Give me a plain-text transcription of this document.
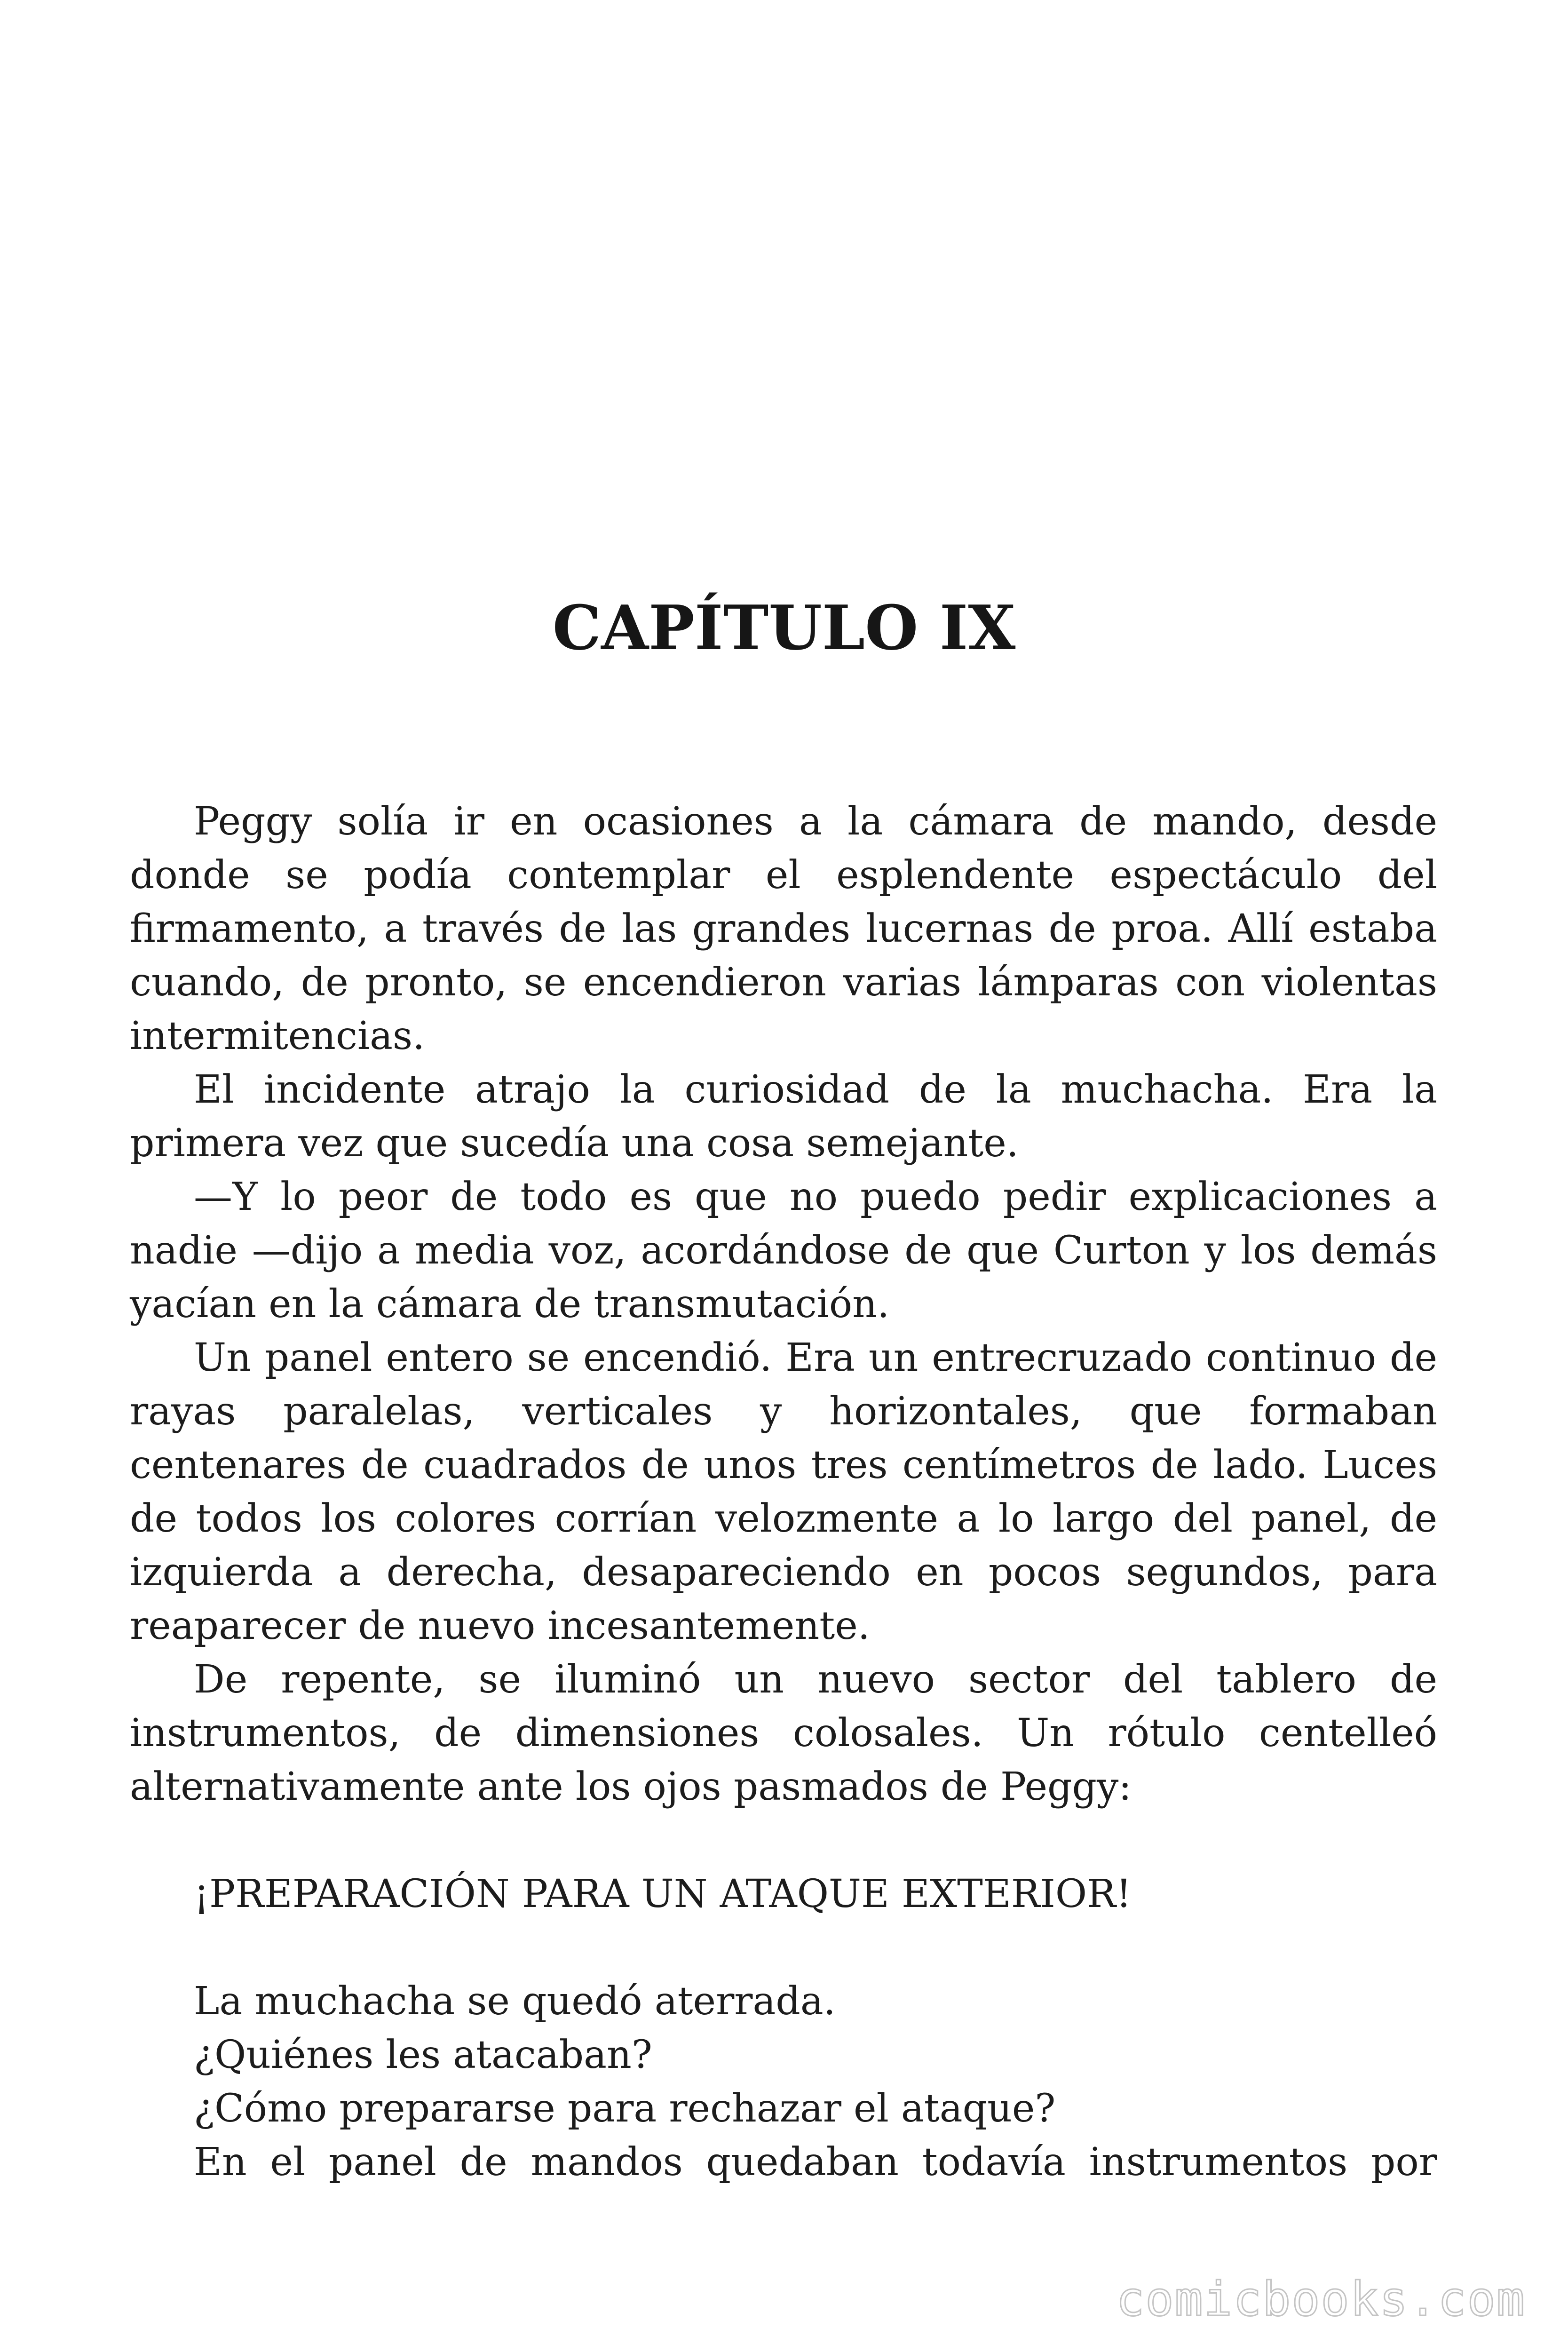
CAPÍTULO IX

Peggy solía ir en ocasiones a la cámara de mando, desde donde se podía contemplar el esplendente espectáculo del firmamento, a través de las grandes lucernas de proa. Allí estaba cuando, de pronto, se encendieron varias lámparas con violentas intermitencias.

El incidente atrajo la curiosidad de la muchacha. Era la primera vez que sucedía una cosa semejante.

—Y lo peor de todo es que no puedo pedir explicaciones a nadie —dijo a media voz, acordándose de que Curton y los demás yacían en la cámara de transmutación.

Un panel entero se encendió. Era un entrecruzado continuo de rayas paralelas, verticales y horizontales, que formaban centenares de cuadrados de unos tres centímetros de lado. Luces de todos los colores corrían velozmente a lo largo del panel, de izquierda a derecha, desapareciendo en pocos segundos, para reaparecer de nuevo incesantemente.

De repente, se iluminó un nuevo sector del tablero de instrumentos, de dimensiones colosales. Un rótulo centelleó alternativamente ante los ojos pasmados de Peggy:

¡PREPARACIÓN PARA UN ATAQUE EXTERIOR!

La muchacha se quedó aterrada.

¿Quiénes les atacaban?

¿Cómo prepararse para rechazar el ataque?

En el panel de mandos quedaban todavía instrumentos por

comicbooks.com
